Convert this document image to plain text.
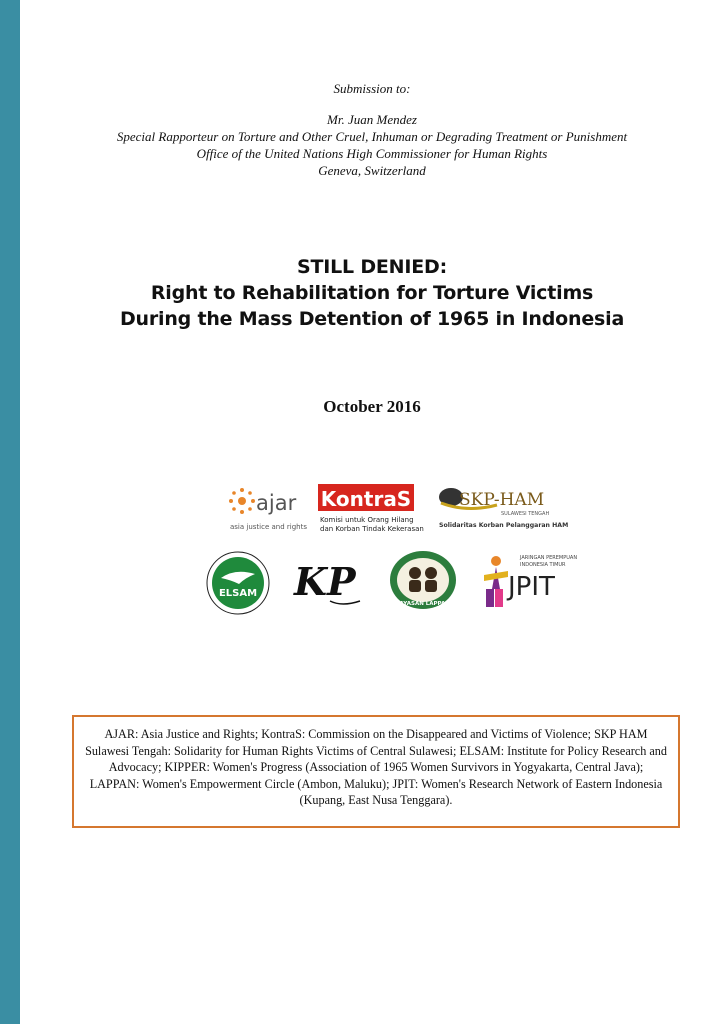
Submission to:
Mr. Juan Mendez
Special Rapporteur on Torture and Other Cruel, Inhuman or Degrading Treatment or Punishment
Office of the United Nations High Commissioner for Human Rights
Geneva, Switzerland
STILL DENIED:
Right to Rehabilitation for Torture Victims
During the Mass Detention of 1965 in Indonesia
October 2016
ajar
asia justice and rights
KontraS
Komisi untuk Orang Hilang
dan Korban Tindak Kekerasan
SKP-HAM
SULAWESI TENGAH
Solidaritas Korban Pelanggaran HAM
ELSAM KP	YAYASAN LAPPAN
JARINGAN PEREMPUAN
INDONESIA TIMUR
JPIT
AJAR: Asia Justice and Rights; KontraS: Commission on the Disappeared and Victims of Violence; SKP HAM Sulawesi Tengah: Solidarity for Human Rights Victims of Central Sulawesi; ELSAM: Institute for Policy Research and Advocacy; KIPPER: Women's Progress (Association of 1965 Women Survivors in Yogyakarta, Central Java); LAPPAN: Women's Empowerment Circle (Ambon, Maluku); JPIT: Women's Research Network of Eastern Indonesia (Kupang, East Nusa Tenggara).
